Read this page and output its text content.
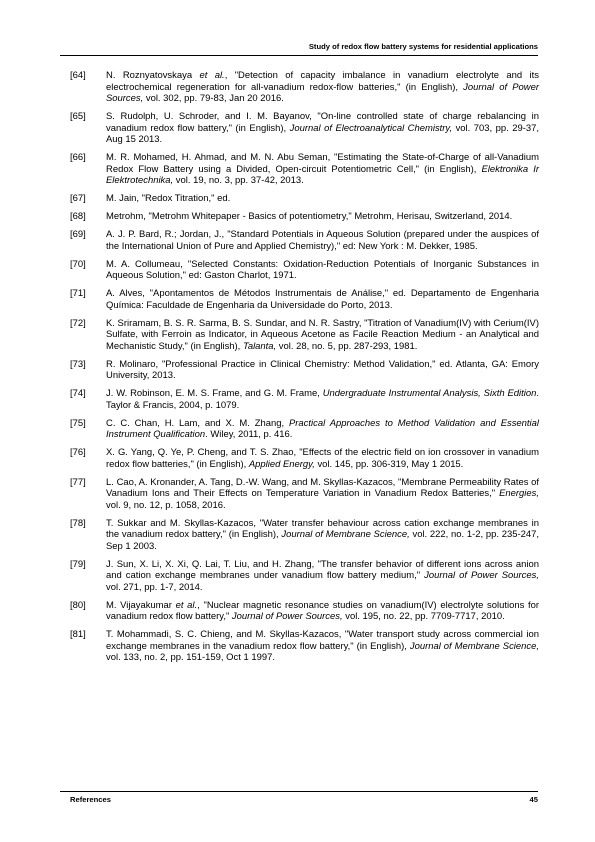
Study of redox flow battery systems for residential applications
[64]	N. Roznyatovskaya et al., "Detection of capacity imbalance in vanadium electrolyte and its electrochemical regeneration for all-vanadium redox-flow batteries," (in English), Journal of Power Sources, vol. 302, pp. 79-83, Jan 20 2016.
[65]	S. Rudolph, U. Schroder, and I. M. Bayanov, "On-line controlled state of charge rebalancing in vanadium redox flow battery," (in English), Journal of Electroanalytical Chemistry, vol. 703, pp. 29-37, Aug 15 2013.
[66]	M. R. Mohamed, H. Ahmad, and M. N. Abu Seman, "Estimating the State-of-Charge of all-Vanadium Redox Flow Battery using a Divided, Open-circuit Potentiometric Cell," (in English), Elektronika Ir Elektrotechnika, vol. 19, no. 3, pp. 37-42, 2013.
[67]	M. Jain, "Redox Titration," ed.
[68]	Metrohm, "Metrohm Whitepaper - Basics of potentiometry," Metrohm, Herisau, Switzerland, 2014.
[69]	A. J. P. Bard, R.; Jordan, J., "Standard Potentials in Aqueous Solution (prepared under the auspices of the International Union of Pure and Applied Chemistry)," ed: New York : M. Dekker, 1985.
[70]	M. A. Collumeau, "Selected Constants: Oxidation-Reduction Potentials of Inorganic Substances in Aqueous Solution," ed: Gaston Charlot, 1971.
[71]	A. Alves, "Apontamentos de Métodos Instrumentais de Análise," ed. Departamento de Engenharia Química: Faculdade de Engenharia da Universidade do Porto, 2013.
[72]	K. Sriramam, B. S. R. Sarma, B. S. Sundar, and N. R. Sastry, "Titration of Vanadium(IV) with Cerium(IV) Sulfate, with Ferroin as Indicator, in Aqueous Acetone as Facile Reaction Medium - an Analytical and Mechanistic Study," (in English), Talanta, vol. 28, no. 5, pp. 287-293, 1981.
[73]	R. Molinaro, "Professional Practice in Clinical Chemistry: Method Validation," ed. Atlanta, GA: Emory University, 2013.
[74]	J. W. Robinson, E. M. S. Frame, and G. M. Frame, Undergraduate Instrumental Analysis, Sixth Edition. Taylor & Francis, 2004, p. 1079.
[75]	C. C. Chan, H. Lam, and X. M. Zhang, Practical Approaches to Method Validation and Essential Instrument Qualification. Wiley, 2011, p. 416.
[76]	X. G. Yang, Q. Ye, P. Cheng, and T. S. Zhao, "Effects of the electric field on ion crossover in vanadium redox flow batteries," (in English), Applied Energy, vol. 145, pp. 306-319, May 1 2015.
[77]	L. Cao, A. Kronander, A. Tang, D.-W. Wang, and M. Skyllas-Kazacos, "Membrane Permeability Rates of Vanadium Ions and Their Effects on Temperature Variation in Vanadium Redox Batteries," Energies, vol. 9, no. 12, p. 1058, 2016.
[78]	T. Sukkar and M. Skyllas-Kazacos, "Water transfer behaviour across cation exchange membranes in the vanadium redox battery," (in English), Journal of Membrane Science, vol. 222, no. 1-2, pp. 235-247, Sep 1 2003.
[79]	J. Sun, X. Li, X. Xi, Q. Lai, T. Liu, and H. Zhang, "The transfer behavior of different ions across anion and cation exchange membranes under vanadium flow battery medium," Journal of Power Sources, vol. 271, pp. 1-7, 2014.
[80]	M. Vijayakumar et al., "Nuclear magnetic resonance studies on vanadium(IV) electrolyte solutions for vanadium redox flow battery," Journal of Power Sources, vol. 195, no. 22, pp. 7709-7717, 2010.
[81]	T. Mohammadi, S. C. Chieng, and M. Skyllas-Kazacos, "Water transport study across commercial ion exchange membranes in the vanadium redox flow battery," (in English), Journal of Membrane Science, vol. 133, no. 2, pp. 151-159, Oct 1 1997.
References	45
